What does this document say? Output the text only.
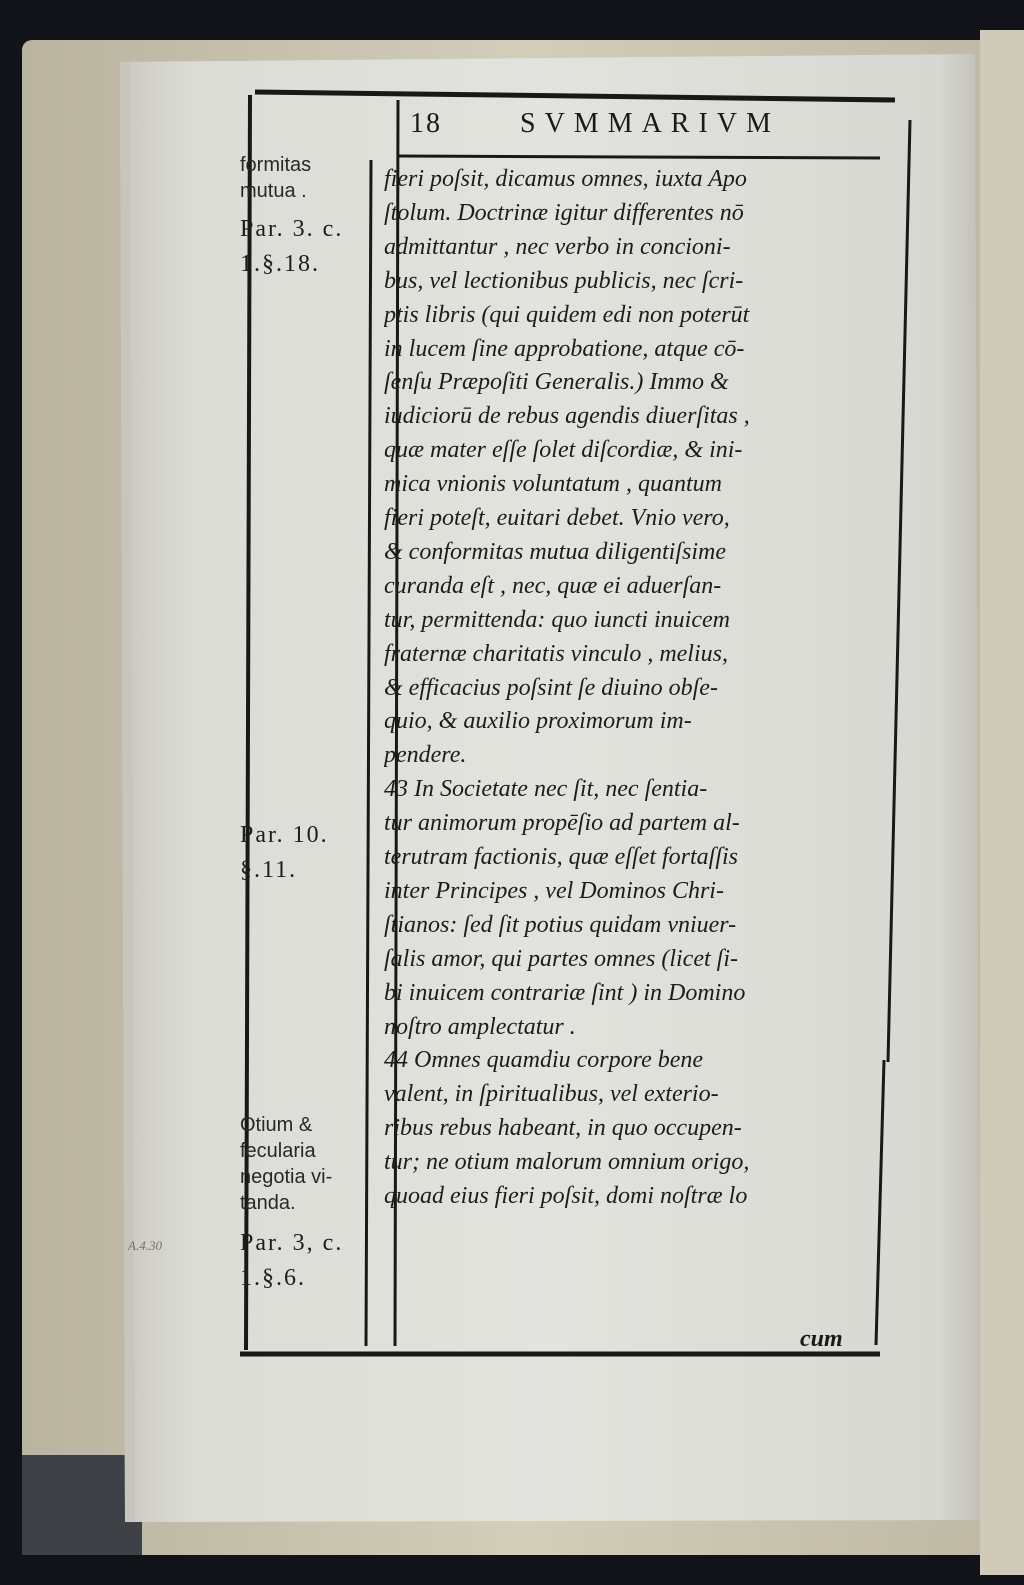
18	SVMMARIVM
formitas
mutua .
Par. 3. c.
1.§.18.
Par. 10.
§.11.
Otium &
fecularia
negotia vi-
tanda.
Par. 3, c.
1.§.6.
fieri poſsit, dicamus omnes, iuxta Apo
ſtolum. Doctrinæ igitur differentes nō
admittantur , nec verbo in concioni-
bus, vel lectionibus publicis, nec ſcri-
ptis libris (qui quidem edi non poterūt
in lucem ſine approbatione, atque cō-
ſenſu Præpoſiti Generalis.) Immo &
iudiciorū de rebus agendis diuerſitas ,
quæ mater eſſe ſolet diſcordiæ, & ini-
mica vnionis voluntatum , quantum
fieri poteſt, euitari debet. Vnio vero,
& conformitas mutua diligentiſsime
curanda eſt , nec, quæ ei aduerſan-
tur, permittenda: quo iuncti inuicem
fraternæ charitatis vinculo , melius,
& efficacius poſsint ſe diuino obſe-
quio, & auxilio proximorum im-
pendere.
43 In Societate nec ſit, nec ſentia-
tur animorum propēſio ad partem al-
terutram factionis, quæ eſſet fortaſſis
inter Principes , vel Dominos Chri-
ſtianos: ſed ſit potius quidam vniuer-
ſalis amor, qui partes omnes (licet ſi-
bi inuicem contrariæ ſint ) in Domino
noſtro amplectatur .
44 Omnes quamdiu corpore bene
valent, in ſpiritualibus, vel exterio-
ribus rebus habeant, in quo occupen-
tur; ne otium malorum omnium origo,
quoad eius fieri poſsit, domi noſtræ lo
cum
A.4.30
